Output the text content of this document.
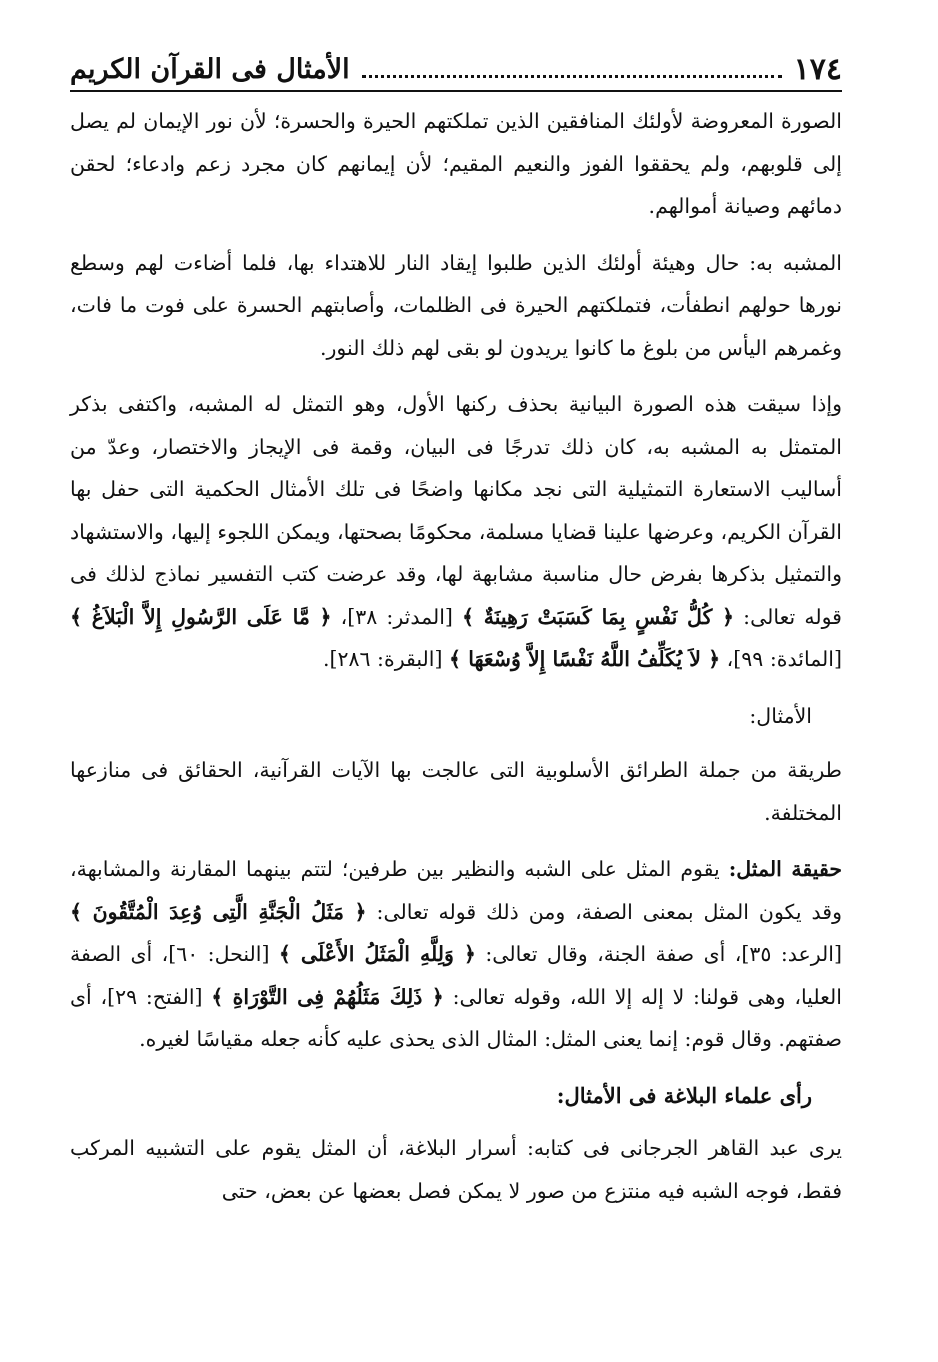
١٧٤
الأمثال فى القرآن الكريم

الصورة المعروضة لأولئك المنافقين الذين تملكتهم الحيرة والحسرة؛ لأن نور الإيمان لم يصل إلى قلوبهم، ولم يحققوا الفوز والنعيم المقيم؛ لأن إيمانهم كان مجرد زعم وادعاء؛ لحقن دمائهم وصيانة أموالهم.

المشبه به: حال وهيئة أولئك الذين طلبوا إيقاد النار للاهتداء بها، فلما أضاءت لهم وسطع نورها حولهم انطفأت، فتملكتهم الحيرة فى الظلمات، وأصابتهم الحسرة على فوت ما فات، وغمرهم اليأس من بلوغ ما كانوا يريدون لو بقى لهم ذلك النور.

وإذا سيقت هذه الصورة البيانية بحذف ركنها الأول، وهو التمثل له المشبه، واكتفى بذكر المتمثل به المشبه به، كان ذلك تدرجًا فى البيان، وقمة فى الإيجاز والاختصار، وعدّ من أساليب الاستعارة التمثيلية التى نجد مكانها واضحًا فى تلك الأمثال الحكمية التى حفل بها القرآن الكريم، وعرضها علينا قضايا مسلمة، محكومًا بصحتها، ويمكن اللجوء إليها، والاستشهاد والتمثيل بذكرها بفرض حال مناسبة مشابهة لها، وقد عرضت كتب التفسير نماذج لذلك فى قوله تعالى: ﴿ كُلُّ نَفْسٍ بِمَا كَسَبَتْ رَهِينَةٌ ﴾ [المدثر: ٣٨]، ﴿ مَّا عَلَى الرَّسُولِ إِلاَّ الْبَلاَغُ ﴾ [المائدة: ٩٩]، ﴿ لاَ يُكَلِّفُ اللَّهُ نَفْسًا إِلاَّ وُسْعَهَا ﴾ [البقرة: ٢٨٦].

الأمثال:

طريقة من جملة الطرائق الأسلوبية التى عالجت بها الآيات القرآنية، الحقائق فى منازعها المختلفة.

حقيقة المثل: يقوم المثل على الشبه والنظير بين طرفين؛ لتتم بينهما المقارنة والمشابهة، وقد يكون المثل بمعنى الصفة، ومن ذلك قوله تعالى: ﴿ مَثَلُ الْجَنَّةِ الَّتِى وُعِدَ الْمُتَّقُونَ ﴾ [الرعد: ٣٥]، أى صفة الجنة، وقال تعالى: ﴿ وَلِلَّهِ الْمَثَلُ الأَعْلَى ﴾ [النحل: ٦٠]، أى الصفة العليا، وهى قولنا: لا إله إلا الله، وقوله تعالى: ﴿ ذَلِكَ مَثَلُهُمْ فِى التَّوْرَاةِ ﴾ [الفتح: ٢٩]، أى صفتهم. وقال قوم: إنما يعنى المثل: المثال الذى يحذى عليه كأنه جعله مقياسًا لغيره.

رأى علماء البلاغة فى الأمثال:

يرى عبد القاهر الجرجانى فى كتابه: أسرار البلاغة، أن المثل يقوم على التشبيه المركب فقط، فوجه الشبه فيه منتزع من صور لا يمكن فصل بعضها عن بعض، حتى
